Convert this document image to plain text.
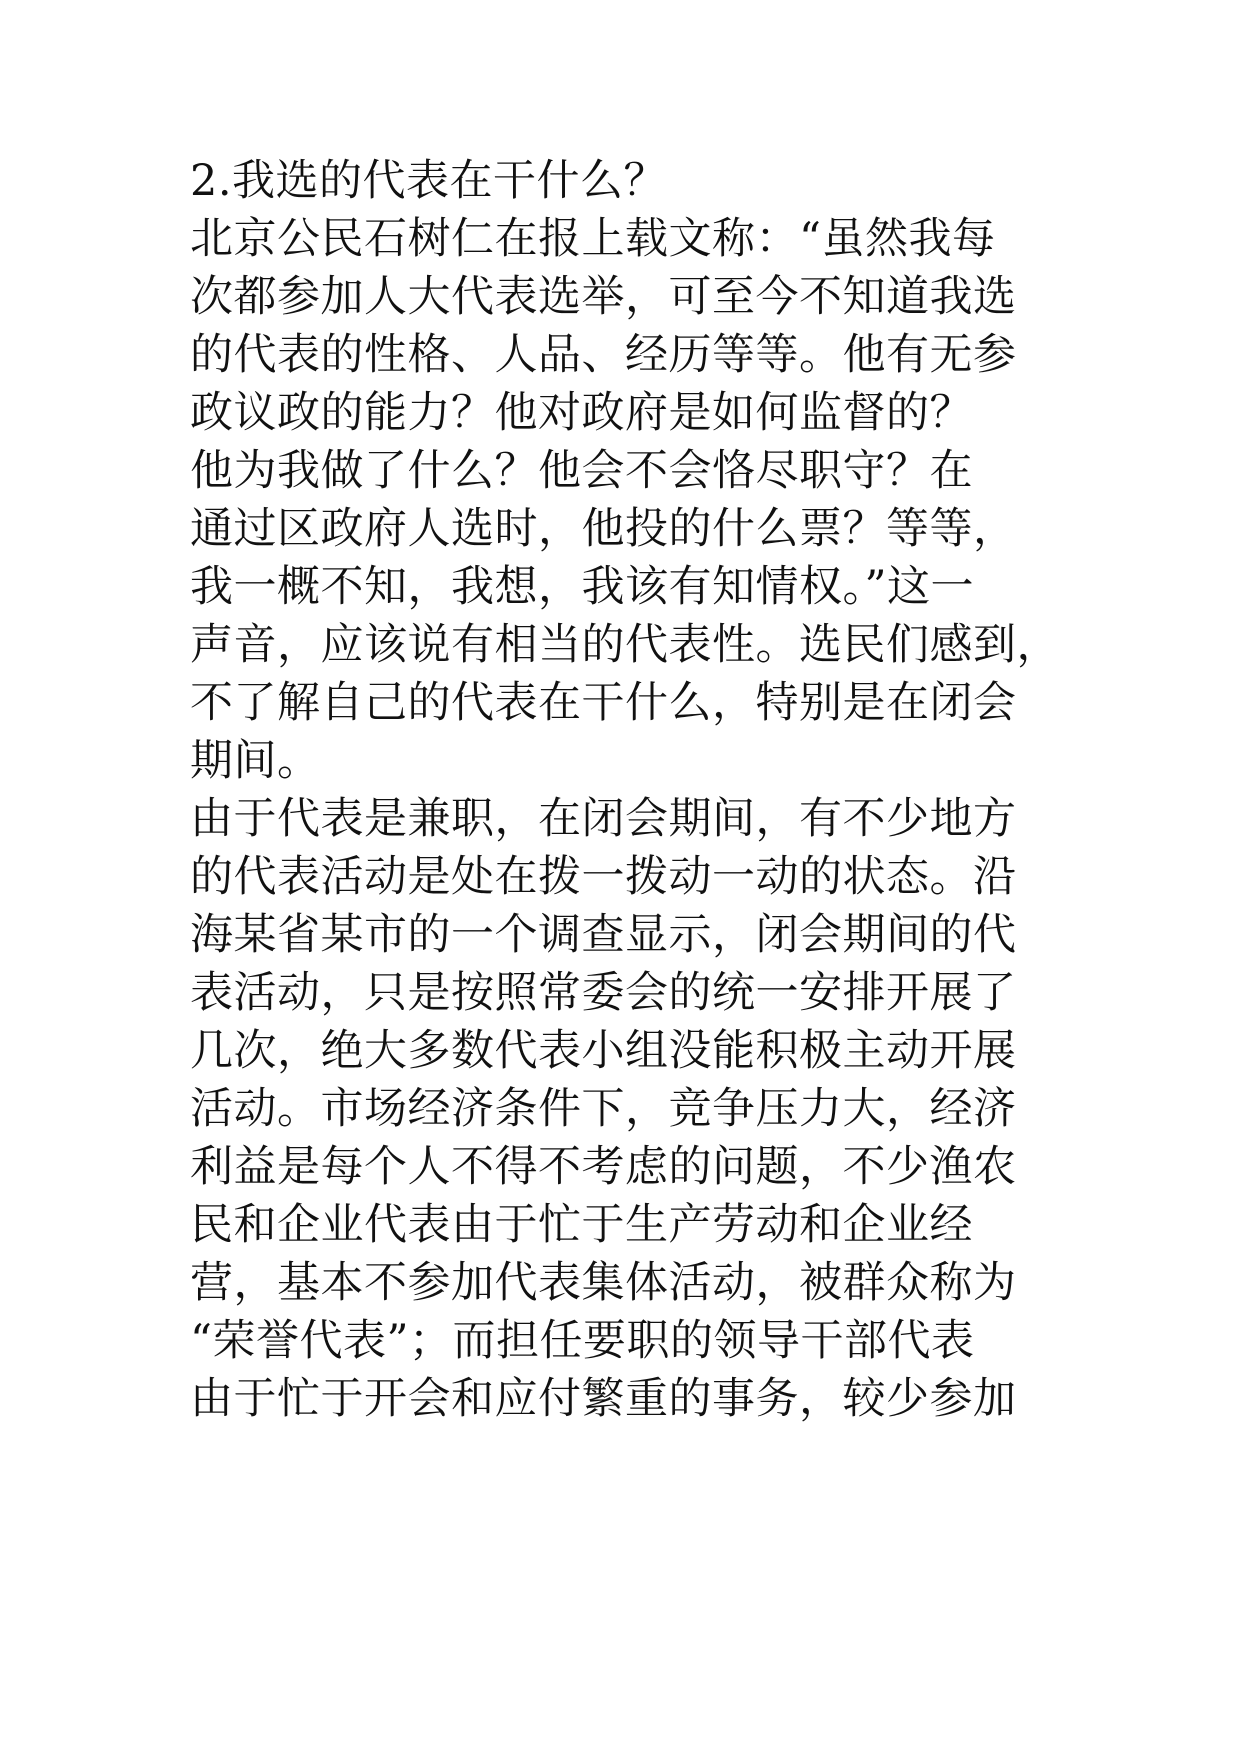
2.我选的代表在干什么？
北京公民石树仁在报上载文称：“虽然我每
次都参加人大代表选举，可至今不知道我选
的代表的性格、人品、经历等等。他有无参
政议政的能力？他对政府是如何监督的？
他为我做了什么？他会不会恪尽职守？在
通过区政府人选时，他投的什么票？等等，
我一概不知，我想，我该有知情权。”这一
声音，应该说有相当的代表性。选民们感到，
不了解自己的代表在干什么，特别是在闭会
期间。
由于代表是兼职，在闭会期间，有不少地方
的代表活动是处在拨一拨动一动的状态。沿
海某省某市的一个调查显示，闭会期间的代
表活动，只是按照常委会的统一安排开展了
几次，绝大多数代表小组没能积极主动开展
活动。市场经济条件下，竞争压力大，经济
利益是每个人不得不考虑的问题，不少渔农
民和企业代表由于忙于生产劳动和企业经
营，基本不参加代表集体活动，被群众称为
“荣誉代表”；而担任要职的领导干部代表
由于忙于开会和应付繁重的事务，较少参加
